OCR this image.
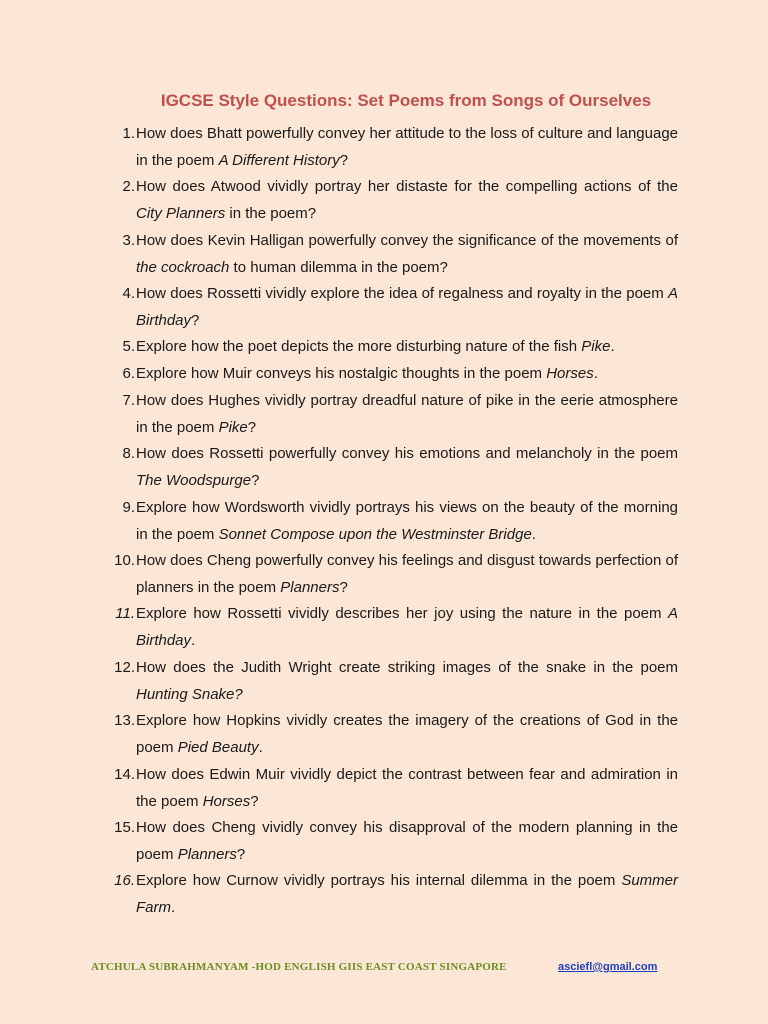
IGCSE Style Questions: Set Poems from Songs of Ourselves
1. How does Bhatt powerfully convey her attitude to the loss of culture and language in the poem A Different History?
2. How does Atwood vividly portray her distaste for the compelling actions of the City Planners in the poem?
3. How does Kevin Halligan powerfully convey the significance of the movements of the cockroach to human dilemma in the poem?
4. How does Rossetti vividly explore the idea of regalness and royalty in the poem A Birthday?
5. Explore how the poet depicts the more disturbing nature of the fish Pike.
6. Explore how Muir conveys his nostalgic thoughts in the poem Horses.
7. How does Hughes vividly portray dreadful nature of pike in the eerie atmosphere in the poem Pike?
8. How does Rossetti powerfully convey his emotions and melancholy in the poem The Woodspurge?
9. Explore how Wordsworth vividly portrays his views on the beauty of the morning in the poem Sonnet Compose upon the Westminster Bridge.
10. How does Cheng powerfully convey his feelings and disgust towards perfection of planners in the poem Planners?
11. Explore how Rossetti vividly describes her joy using the nature in the poem A Birthday.
12. How does the Judith Wright create striking images of the snake in the poem Hunting Snake?
13. Explore how Hopkins vividly creates the imagery of the creations of God in the poem Pied Beauty.
14. How does Edwin Muir vividly depict the contrast between fear and admiration in the poem Horses?
15. How does Cheng vividly convey his disapproval of the modern planning in the poem Planners?
16. Explore how Curnow vividly portrays his internal dilemma in the poem Summer Farm.
ATCHULA SUBRAHMANYAM -HOD ENGLISH GIIS EAST COAST SINGAPORE	asciefl@gmail.com
